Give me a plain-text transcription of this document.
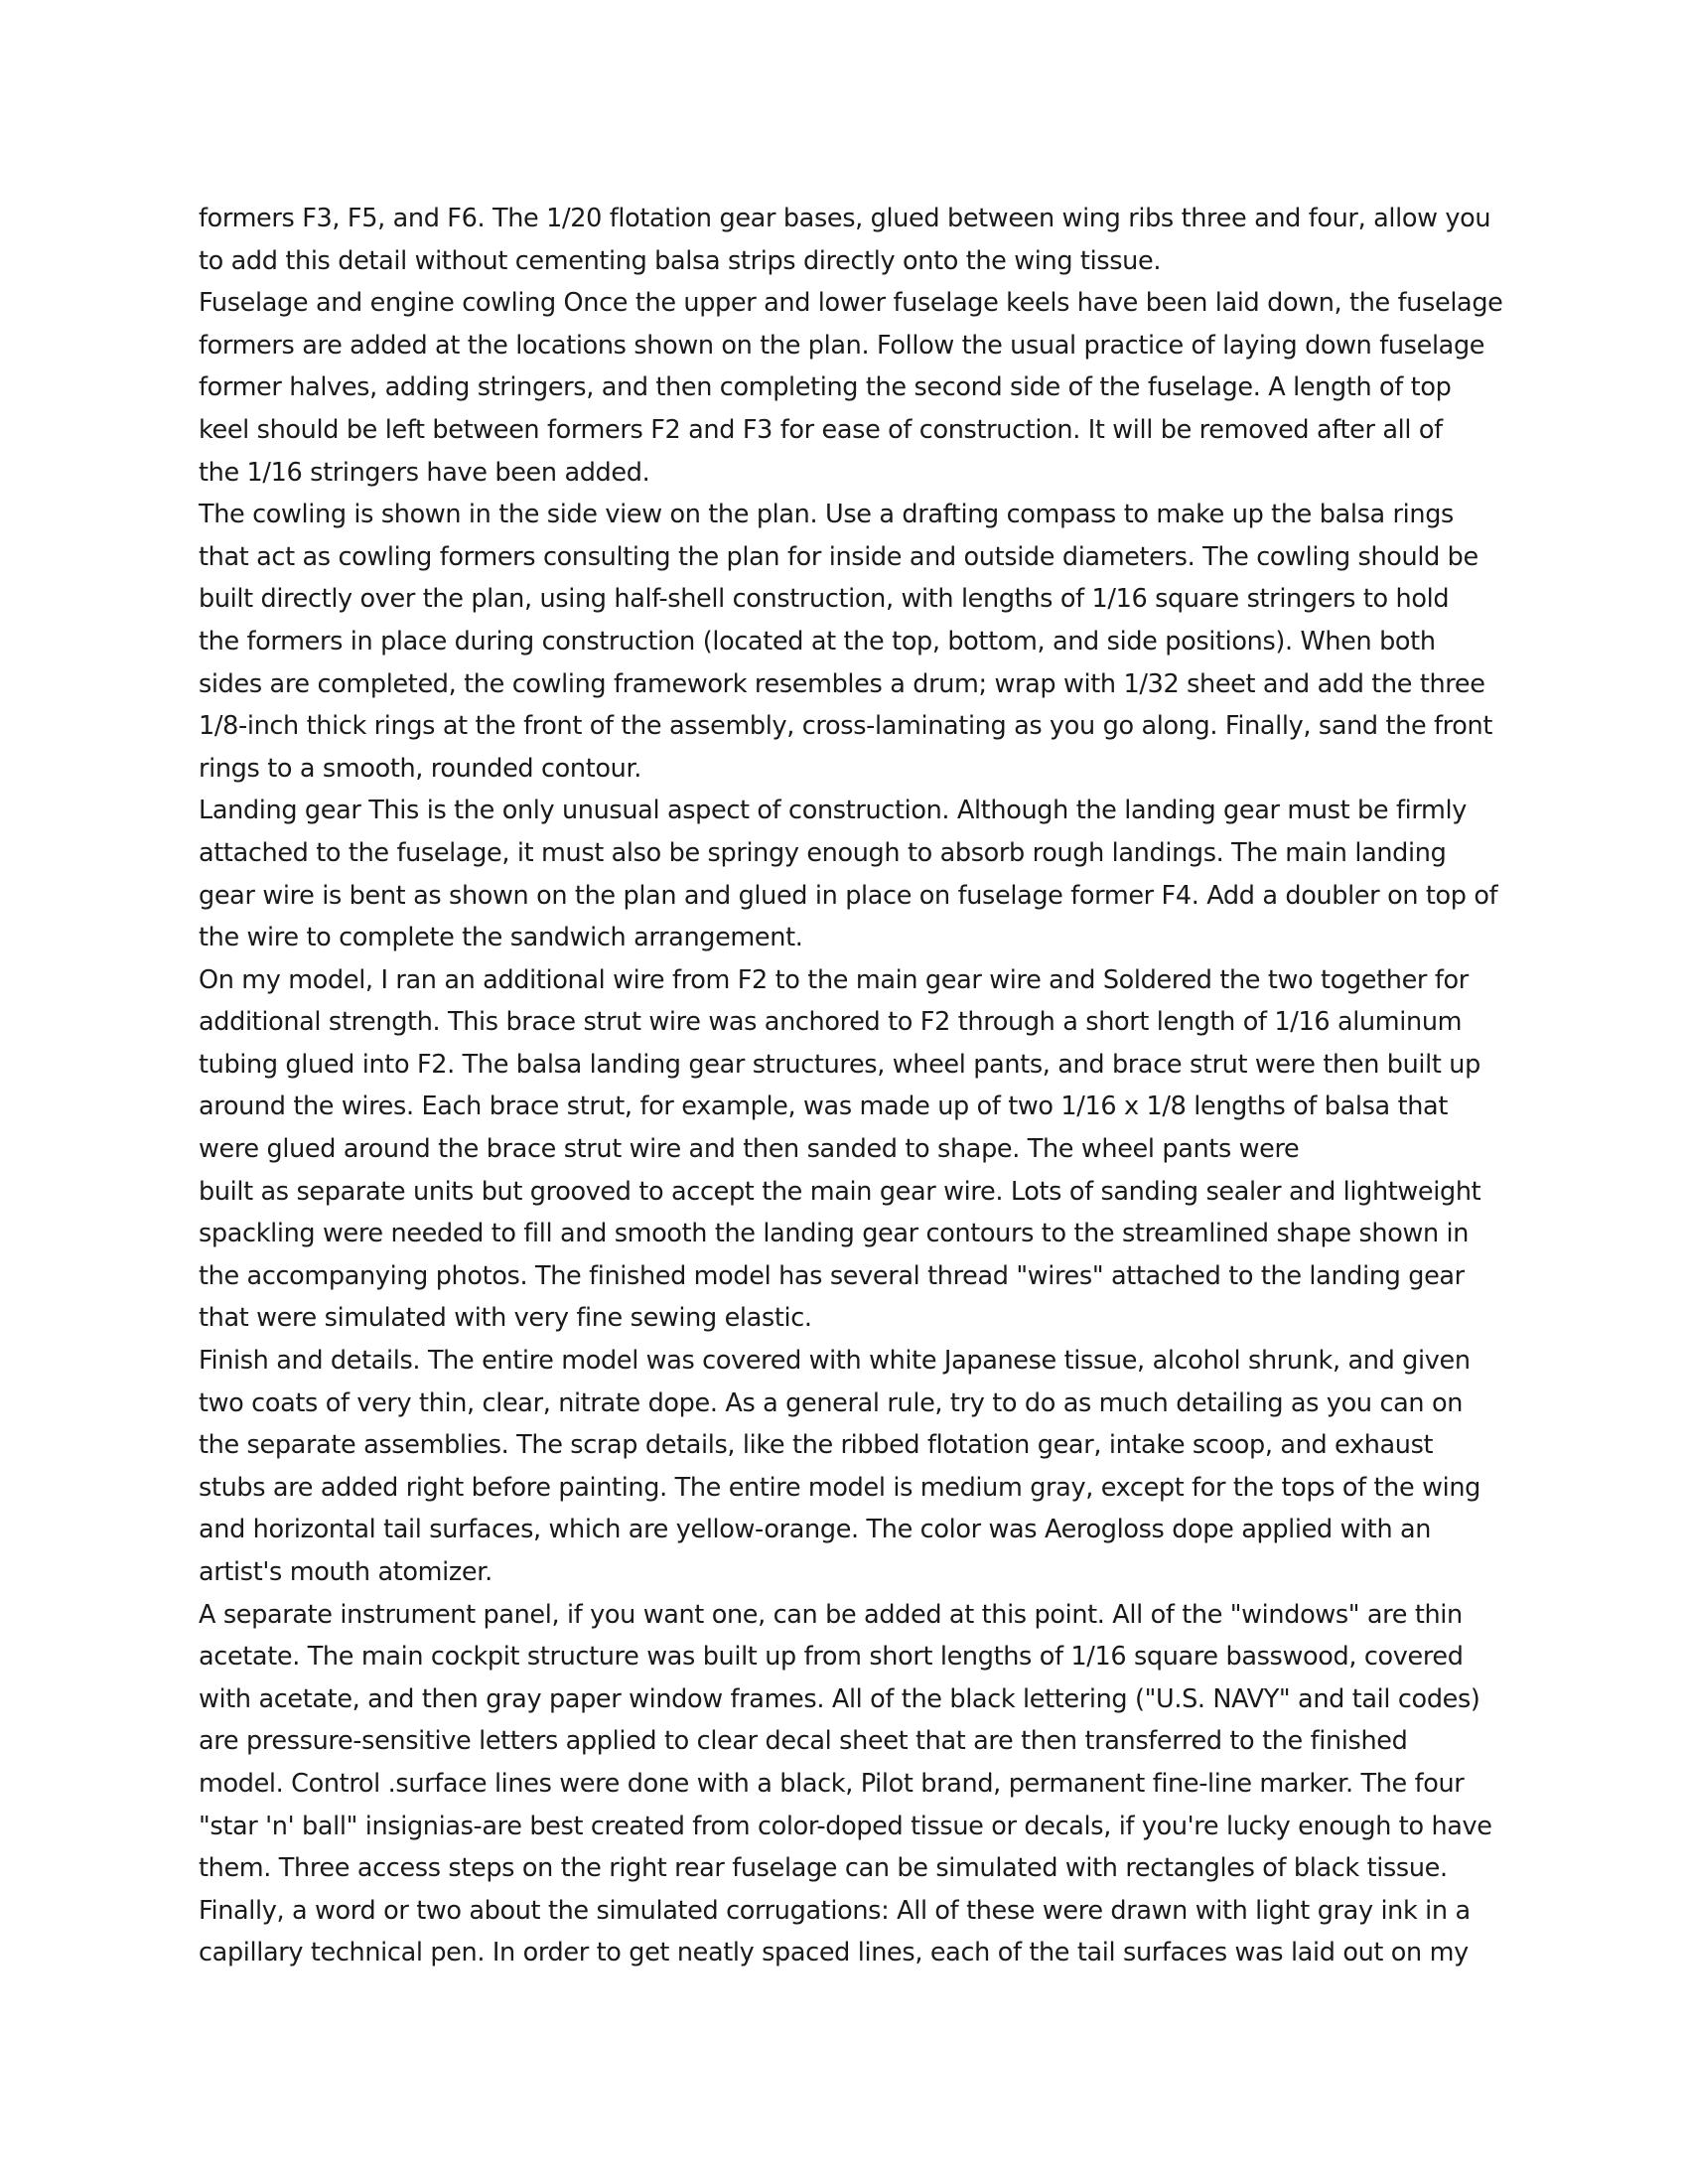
formers F3, F5, and F6. The 1/20 flotation gear bases, glued between wing ribs three and four, allow you
to add this detail without cementing balsa strips directly onto the wing tissue.

Fuselage and engine cowling Once the upper and lower fuselage keels have been laid down, the fuselage
formers are added at the locations shown on the plan. Follow the usual practice of laying down fuselage
former halves, adding stringers, and then completing the second side of the fuselage. A length of top
keel should be left between formers F2 and F3 for ease of construction. It will be removed after all of
the 1/16 stringers have been added.

The cowling is shown in the side view on the plan. Use a drafting compass to make up the balsa rings
that act as cowling formers consulting the plan for inside and outside diameters. The cowling should be
built directly over the plan, using half-shell construction, with lengths of 1/16 square stringers to hold
the formers in place during construction (located at the top, bottom, and side positions). When both
sides are completed, the cowling framework resembles a drum; wrap with 1/32 sheet and add the three
1/8-inch thick rings at the front of the assembly, cross-laminating as you go along. Finally, sand the front
rings to a smooth, rounded contour.

Landing gear This is the only unusual aspect of construction. Although the landing gear must be firmly
attached to the fuselage, it must also be springy enough to absorb rough landings. The main landing
gear wire is bent as shown on the plan and glued in place on fuselage former F4. Add a doubler on top of
the wire to complete the sandwich arrangement.

On my model, I ran an additional wire from F2 to the main gear wire and Soldered the two together for
additional strength. This brace strut wire was anchored to F2 through a short length of 1/16 aluminum
tubing glued into F2. The balsa landing gear structures, wheel pants, and brace strut were then built up
around the wires. Each brace strut, for example, was made up of two 1/16 x 1/8 lengths of balsa that
were glued around the brace strut wire and then sanded to shape. The wheel pants were

built as separate units but grooved to accept the main gear wire. Lots of sanding sealer and lightweight
spackling were needed to fill and smooth the landing gear contours to the streamlined shape shown in
the accompanying photos. The finished model has several thread "wires" attached to the landing gear
that were simulated with very fine sewing elastic.

Finish and details. The entire model was covered with white Japanese tissue, alcohol shrunk, and given
two coats of very thin, clear, nitrate dope. As a general rule, try to do as much detailing as you can on
the separate assemblies. The scrap details, like the ribbed flotation gear, intake scoop, and exhaust
stubs are added right before painting. The entire model is medium gray, except for the tops of the wing
and horizontal tail surfaces, which are yellow-orange. The color was Aerogloss dope applied with an
artist's mouth atomizer.

A separate instrument panel, if you want one, can be added at this point. All of the "windows" are thin
acetate. The main cockpit structure was built up from short lengths of 1/16 square basswood, covered
with acetate, and then gray paper window frames. All of the black lettering ("U.S. NAVY" and tail codes)
are pressure-sensitive letters applied to clear decal sheet that are then transferred to the finished
model. Control .surface lines were done with a black, Pilot brand, permanent fine-line marker. The four
"star 'n' ball" insignias-are best created from color-doped tissue or decals, if you're lucky enough to have
them. Three access steps on the right rear fuselage can be simulated with rectangles of black tissue.

Finally, a word or two about the simulated corrugations: All of these were drawn with light gray ink in a
capillary technical pen. In order to get neatly spaced lines, each of the tail surfaces was laid out on my
